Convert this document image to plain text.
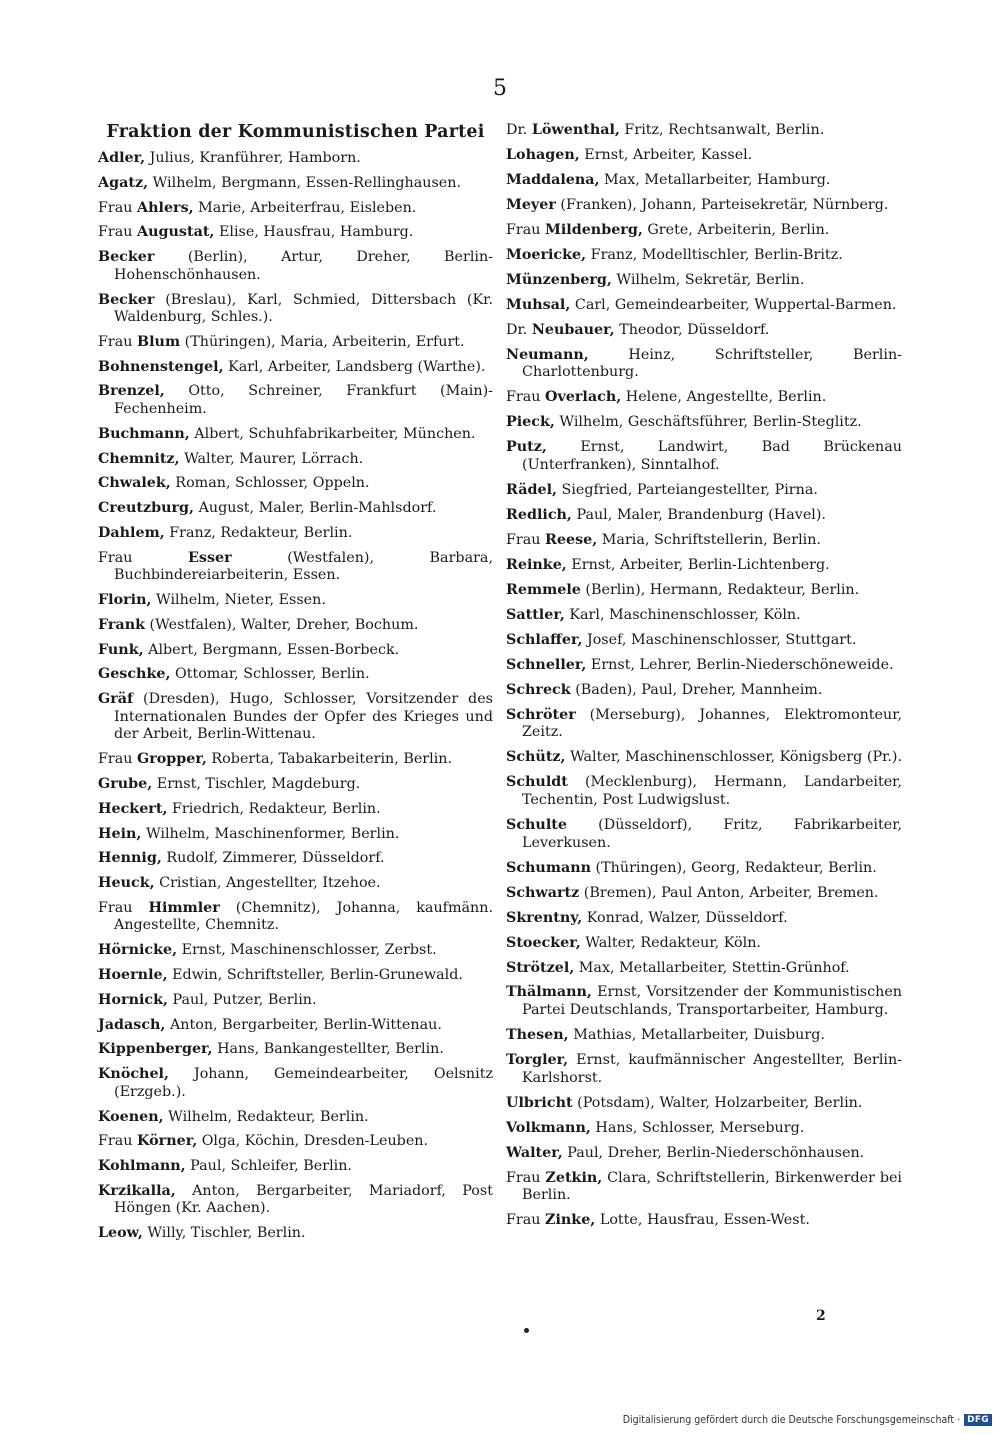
5
Fraktion der Kommunistischen Partei
Adler, Julius, Kranführer, Hamborn.
Agatz, Wilhelm, Bergmann, Essen-Rellinghausen.
Frau Ahlers, Marie, Arbeiterfrau, Eisleben.
Frau Augustat, Elise, Hausfrau, Hamburg.
Becker (Berlin), Artur, Dreher, Berlin-Hohenschönhausen.
Becker (Breslau), Karl, Schmied, Dittersbach (Kr. Waldenburg, Schles.).
Frau Blum (Thüringen), Maria, Arbeiterin, Erfurt.
Bohnenstengel, Karl, Arbeiter, Landsberg (Warthe).
Brenzel, Otto, Schreiner, Frankfurt (Main)-Fechenheim.
Buchmann, Albert, Schuhfabrikarbeiter, München.
Chemnitz, Walter, Maurer, Lörrach.
Chwalek, Roman, Schlosser, Oppeln.
Creutzburg, August, Maler, Berlin-Mahlsdorf.
Dahlem, Franz, Redakteur, Berlin.
Frau Esser (Westfalen), Barbara, Buchbindereiarbeiterin, Essen.
Florin, Wilhelm, Nieter, Essen.
Frank (Westfalen), Walter, Dreher, Bochum.
Funk, Albert, Bergmann, Essen-Borbeck.
Geschke, Ottomar, Schlosser, Berlin.
Gräf (Dresden), Hugo, Schlosser, Vorsitzender des Internationalen Bundes der Opfer des Krieges und der Arbeit, Berlin-Wittenau.
Frau Gropper, Roberta, Tabakarbeiterin, Berlin.
Grube, Ernst, Tischler, Magdeburg.
Heckert, Friedrich, Redakteur, Berlin.
Hein, Wilhelm, Maschinenformer, Berlin.
Hennig, Rudolf, Zimmerer, Düsseldorf.
Heuck, Cristian, Angestellter, Itzehoe.
Frau Himmler (Chemnitz), Johanna, kaufmänn. Angestellte, Chemnitz.
Hörnicke, Ernst, Maschinenschlosser, Zerbst.
Hoernle, Edwin, Schriftsteller, Berlin-Grunewald.
Hornick, Paul, Putzer, Berlin.
Jadasch, Anton, Bergarbeiter, Berlin-Wittenau.
Kippenberger, Hans, Bankangestellter, Berlin.
Knöchel, Johann, Gemeindearbeiter, Oelsnitz (Erzgeb.).
Koenen, Wilhelm, Redakteur, Berlin.
Frau Körner, Olga, Köchin, Dresden-Leuben.
Kohlmann, Paul, Schleifer, Berlin.
Krzikalla, Anton, Bergarbeiter, Mariadorf, Post Höngen (Kr. Aachen).
Leow, Willy, Tischler, Berlin.
Dr. Löwenthal, Fritz, Rechtsanwalt, Berlin.
Lohagen, Ernst, Arbeiter, Kassel.
Maddalena, Max, Metallarbeiter, Hamburg.
Meyer (Franken), Johann, Parteisekretär, Nürnberg.
Frau Mildenberg, Grete, Arbeiterin, Berlin.
Moericke, Franz, Modelltischler, Berlin-Britz.
Münzenberg, Wilhelm, Sekretär, Berlin.
Muhsal, Carl, Gemeindearbeiter, Wuppertal-Barmen.
Dr. Neubauer, Theodor, Düsseldorf.
Neumann, Heinz, Schriftsteller, Berlin-Charlottenburg.
Frau Overlach, Helene, Angestellte, Berlin.
Pieck, Wilhelm, Geschäftsführer, Berlin-Steglitz.
Putz, Ernst, Landwirt, Bad Brückenau (Unterfranken), Sinntalhof.
Rädel, Siegfried, Parteiangestellter, Pirna.
Redlich, Paul, Maler, Brandenburg (Havel).
Frau Reese, Maria, Schriftstellerin, Berlin.
Reinke, Ernst, Arbeiter, Berlin-Lichtenberg.
Remmele (Berlin), Hermann, Redakteur, Berlin.
Sattler, Karl, Maschinenschlosser, Köln.
Schlaffer, Josef, Maschinenschlosser, Stuttgart.
Schneller, Ernst, Lehrer, Berlin-Niederschöneweide.
Schreck (Baden), Paul, Dreher, Mannheim.
Schröter (Merseburg), Johannes, Elektromonteur, Zeitz.
Schütz, Walter, Maschinenschlosser, Königsberg (Pr.).
Schuldt (Mecklenburg), Hermann, Landarbeiter, Techentin, Post Ludwigslust.
Schulte (Düsseldorf), Fritz, Fabrikarbeiter, Leverkusen.
Schumann (Thüringen), Georg, Redakteur, Berlin.
Schwartz (Bremen), Paul Anton, Arbeiter, Bremen.
Skrentny, Konrad, Walzer, Düsseldorf.
Stoecker, Walter, Redakteur, Köln.
Strötzel, Max, Metallarbeiter, Stettin-Grünhof.
Thälmann, Ernst, Vorsitzender der Kommunistischen Partei Deutschlands, Transportarbeiter, Hamburg.
Thesen, Mathias, Metallarbeiter, Duisburg.
Torgler, Ernst, kaufmännischer Angestellter, Berlin-Karlshorst.
Ulbricht (Potsdam), Walter, Holzarbeiter, Berlin.
Volkmann, Hans, Schlosser, Merseburg.
Walter, Paul, Dreher, Berlin-Niederschönhausen.
Frau Zetkin, Clara, Schriftstellerin, Birkenwerder bei Berlin.
Frau Zinke, Lotte, Hausfrau, Essen-West.
2
Digitalisierung gefördert durch die Deutsche Forschungsgemeinschaft · DFG
